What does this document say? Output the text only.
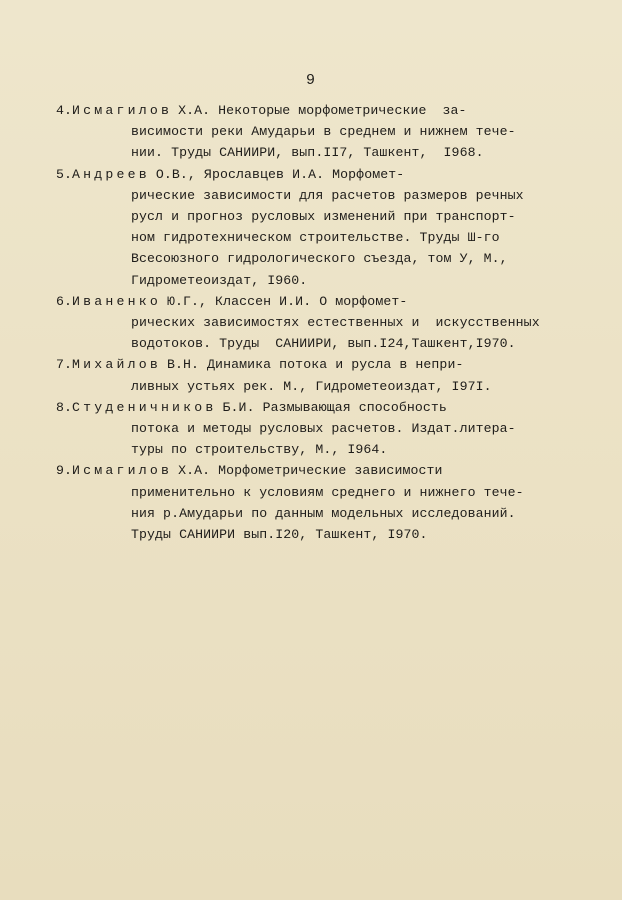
9
4.Исмагилов Х.А. Некоторые морфометрические  за-
висимости реки Амударьи в среднем и нижнем тече-
нии. Труды САНИИРИ, вып.II7, Ташкент,  I968.
5.Андреев О.В., Ярославцев И.А. Морфомет-
рические зависимости для расчетов размеров речных
русл и прогноз русловых изменений при транспорт-
ном гидротехническом строительстве. Труды Ш-го
Всесоюзного гидрологического съезда, том У, М.,
Гидрометеоиздат, I960.
6.Иваненко Ю.Г., Классен И.И. О морфомет-
рических зависимостях естественных и  искусственных
водотоков. Труды  САНИИРИ, вып.I24,Ташкент,I970.
7.Михайлов В.Н. Динамика потока и русла в непри-
ливных устьях рек. М., Гидрометеоиздат, I97I.
8.Студеничников Б.И. Размывающая способность
потока и методы русловых расчетов. Издат.литера-
туры по строительству, М., I964.
9.Исмагилов Х.А. Морфометрические зависимости
применительно к условиям среднего и нижнего тече-
ния р.Амударьи по данным модельных исследований.
Труды САНИИРИ вып.I20, Ташкент, I970.
